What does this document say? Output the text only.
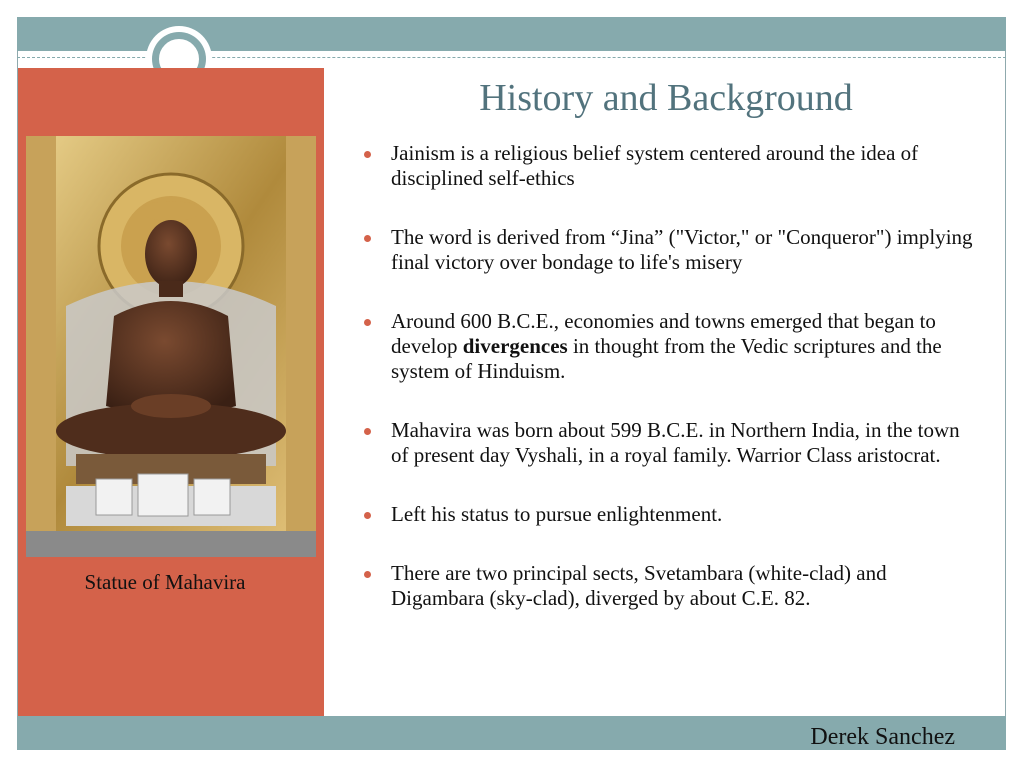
Statue of Mahavira
History and Background
Jainism is a religious belief system centered around the idea of disciplined self-ethics
The word is derived from “Jina” ("Victor," or "Conqueror") implying final victory over bondage to life's misery
Around 600 B.C.E., economies and towns emerged that began to develop divergences in thought from the Vedic scriptures and the system of Hinduism.
Mahavira was born about 599 B.C.E. in Northern India, in the town of present day Vyshali, in a royal family. Warrior Class aristocrat.
Left his status to pursue enlightenment.
There are two principal sects, Svetambara (white-clad) and Digambara (sky-clad), diverged by about C.E. 82.
Derek Sanchez
